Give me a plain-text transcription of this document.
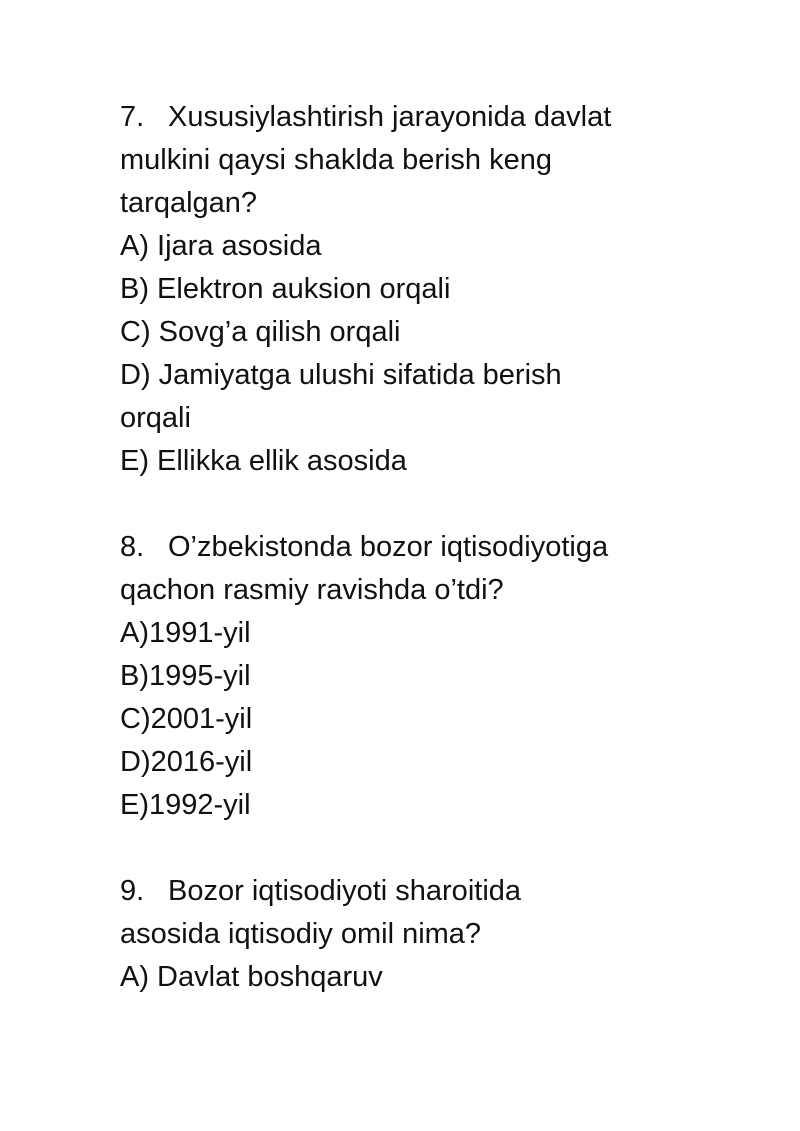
7. Xususiylashtirish jarayonida davlat
mulkini qaysi shaklda berish keng
tarqalgan?
A) Ijara asosida
B) Elektron auksion orqali
C) Sovg’a qilish orqali
D) Jamiyatga ulushi sifatida berish
orqali
E) Ellikka ellik asosida
8. O’zbekistonda bozor iqtisodiyotiga
qachon rasmiy ravishda o’tdi?
A)1991-yil
B)1995-yil
C)2001-yil
D)2016-yil
E)1992-yil
9. Bozor iqtisodiyoti sharoitida
asosida iqtisodiy omil nima?
A) Davlat boshqaruv
